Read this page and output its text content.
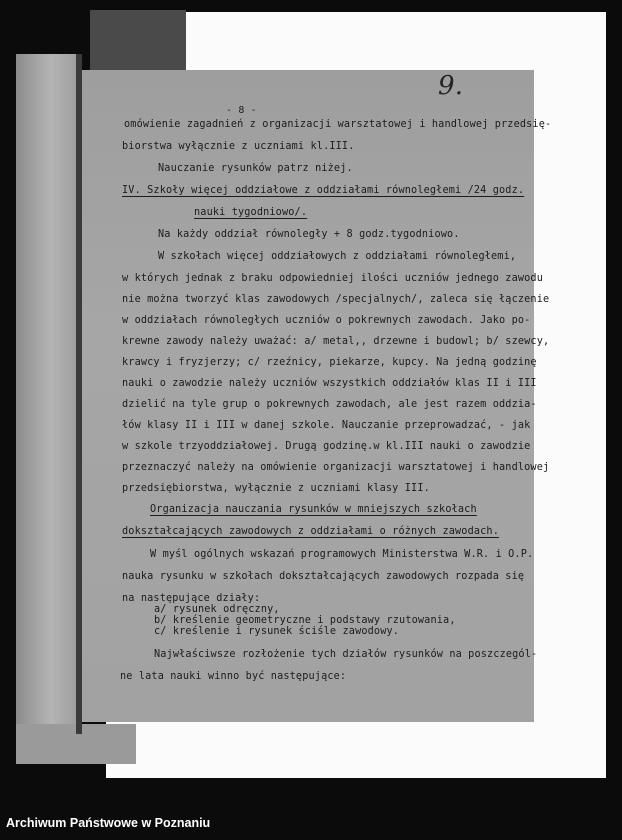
- 8 -
9.
omówienie zagadnień z organizacji warsztatowej i handlowej przedsię-
biorstwa wyłącznie z uczniami kl.III.
Nauczanie rysunków patrz niżej.
IV. Szkoły więcej oddziałowe z oddziałami równoległemi /24 godz.
nauki tygodniowo/.
Na każdy oddział równoległy + 8 godz.tygodniowo.
W szkołach więcej oddziałowych z oddziałami równoległemi,
w których jednak z braku odpowiedniej ilości uczniów jednego zawodu
nie można tworzyć klas zawodowych /specjalnych/, zaleca się łączenie
w oddziałach równoległych uczniów o pokrewnych zawodach. Jako po-
krewne zawody należy uważać: a/ metal,, drzewne i budowl; b/ szewcy,
krawcy i fryzjerzy; c/ rzeźnicy, piekarze, kupcy. Na jedną godzinę
nauki o zawodzie należy uczniów wszystkich oddziałów klas II i III
dzielić na tyle grup o pokrewnych zawodach, ale jest razem oddzia-
łów klasy II i III w danej szkole. Nauczanie przeprowadzać, - jak
w szkole trzyoddziałowej. Drugą godzinę.w kl.III nauki o zawodzie
przeznaczyć należy na omówienie organizacji warsztatowej i handlowej
przedsiębiorstwa, wyłącznie z uczniami klasy III.
Organizacja nauczania rysunków w mniejszych szkołach
dokształcających zawodowych z oddziałami o różnych zawodach.
W myśl ogólnych wskazań programowych Ministerstwa W.R. i O.P.
nauka rysunku w szkołach dokształcających zawodowych rozpada się
na następujące działy:
a/ rysunek odręczny,
b/ kreślenie geometryczne i podstawy rzutowania,
c/ kreślenie i rysunek ściśle zawodowy.
Najwłaściwsze rozłożenie tych działów rysunków na poszczegól-
ne lata nauki winno być następujące:
Archiwum Państwowe w Poznaniu
